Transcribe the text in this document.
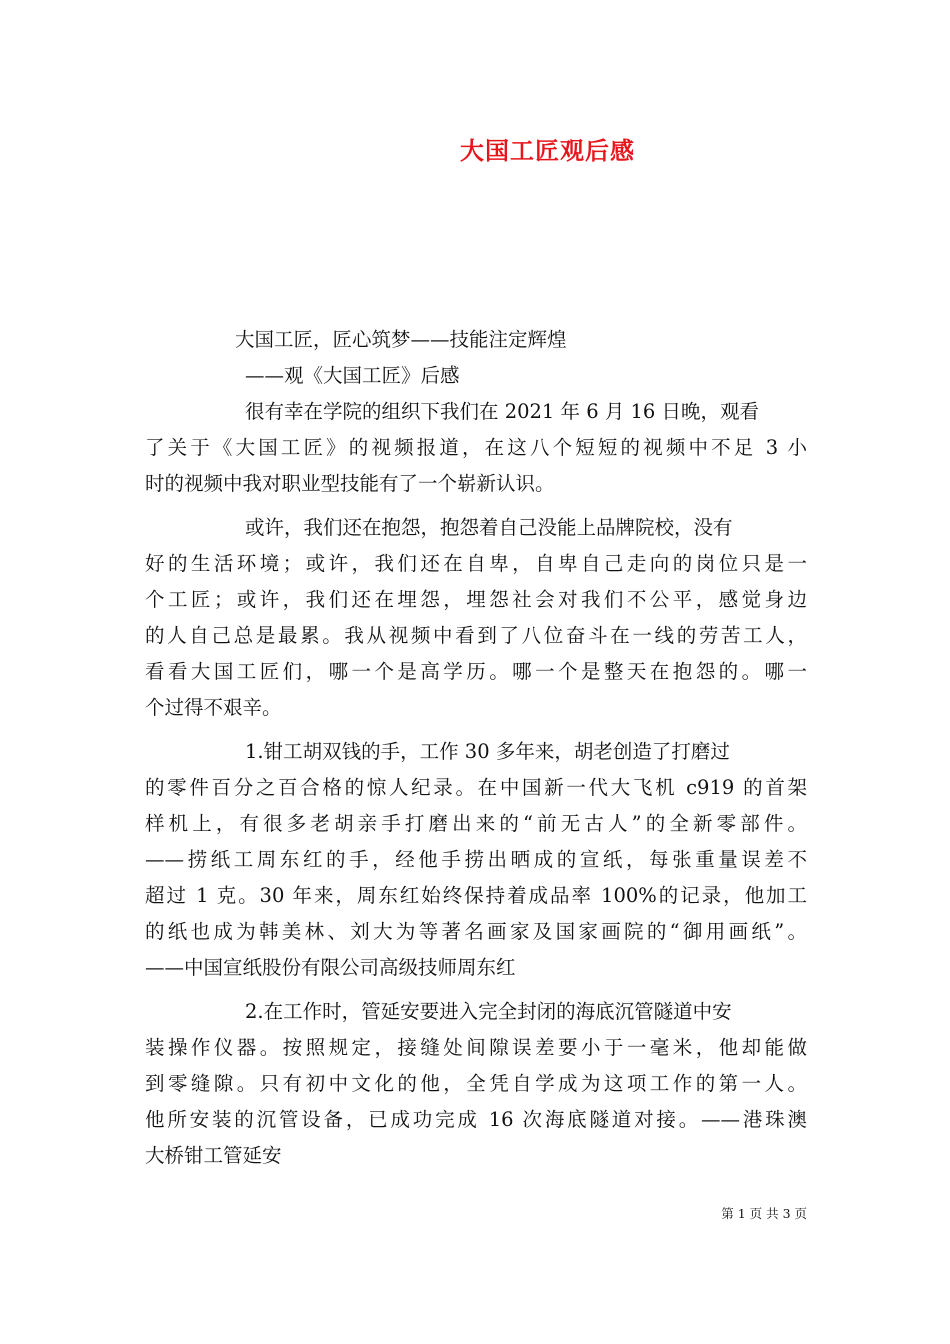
大国工匠观后感
大国工匠，匠心筑梦——技能注定辉煌
——观《大国工匠》后感
很有幸在学院的组织下我们在 2021 年 6 月 16 日晚，观看
了关于《大国工匠》的视频报道，在这八个短短的视频中不足 3 小
时的视频中我对职业型技能有了一个崭新认识。
或许，我们还在抱怨，抱怨着自己没能上品牌院校，没有
好的生活环境；或许，我们还在自卑，自卑自己走向的岗位只是一
个工匠；或许，我们还在埋怨，埋怨社会对我们不公平，感觉身边
的人自己总是最累。我从视频中看到了八位奋斗在一线的劳苦工人，
看看大国工匠们，哪一个是高学历。哪一个是整天在抱怨的。哪一
个过得不艰辛。
1.钳工胡双钱的手，工作 30 多年来，胡老创造了打磨过
的零件百分之百合格的惊人纪录。在中国新一代大飞机 c919 的首架
样机上，有很多老胡亲手打磨出来的“前无古人”的全新零部件。
——捞纸工周东红的手，经他手捞出晒成的宣纸，每张重量误差不
超过 1 克。30 年来，周东红始终保持着成品率 100%的记录，他加工
的纸也成为韩美林、刘大为等著名画家及国家画院的“御用画纸”。
——中国宣纸股份有限公司高级技师周东红
2.在工作时，管延安要进入完全封闭的海底沉管隧道中安
装操作仪器。按照规定，接缝处间隙误差要小于一毫米，他却能做
到零缝隙。只有初中文化的他，全凭自学成为这项工作的第一人。
他所安装的沉管设备，已成功完成 16 次海底隧道对接。——港珠澳
大桥钳工管延安
第 1 页 共 3 页
